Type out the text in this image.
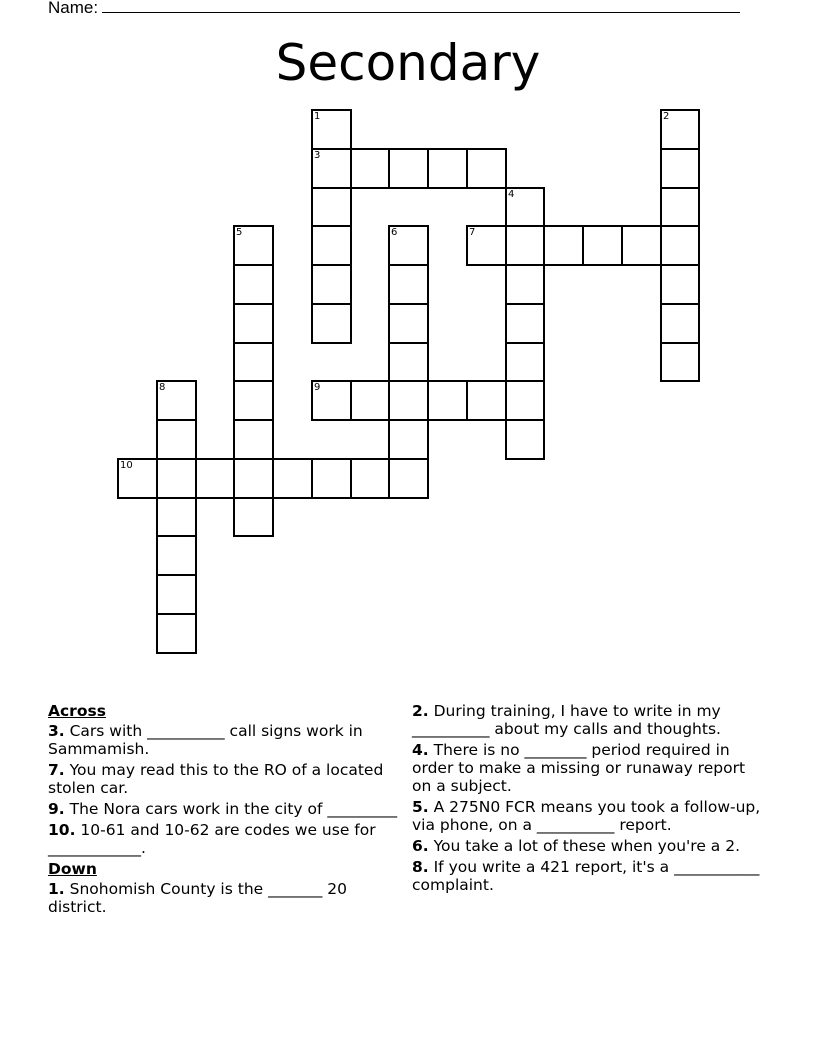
Name:
Secondary
1
3
2
4
5	6	7
8	9
10
Across
3. Cars with __________ call signs work in Sammamish.
7. You may read this to the RO of a located stolen car.
9. The Nora cars work in the city of _________
10. 10-61 and 10-62 are codes we use for ____________.
Down
1. Snohomish County is the _______ 20 district.
2. During training, I have to write in my __________ about my calls and thoughts.
4. There is no ________ period required in order to make a missing or runaway report on a subject.
5. A 275N0 FCR means you took a follow-up, via phone, on a __________ report.
6. You take a lot of these when you're a 2.
8. If you write a 421 report, it's a ___________ complaint.
